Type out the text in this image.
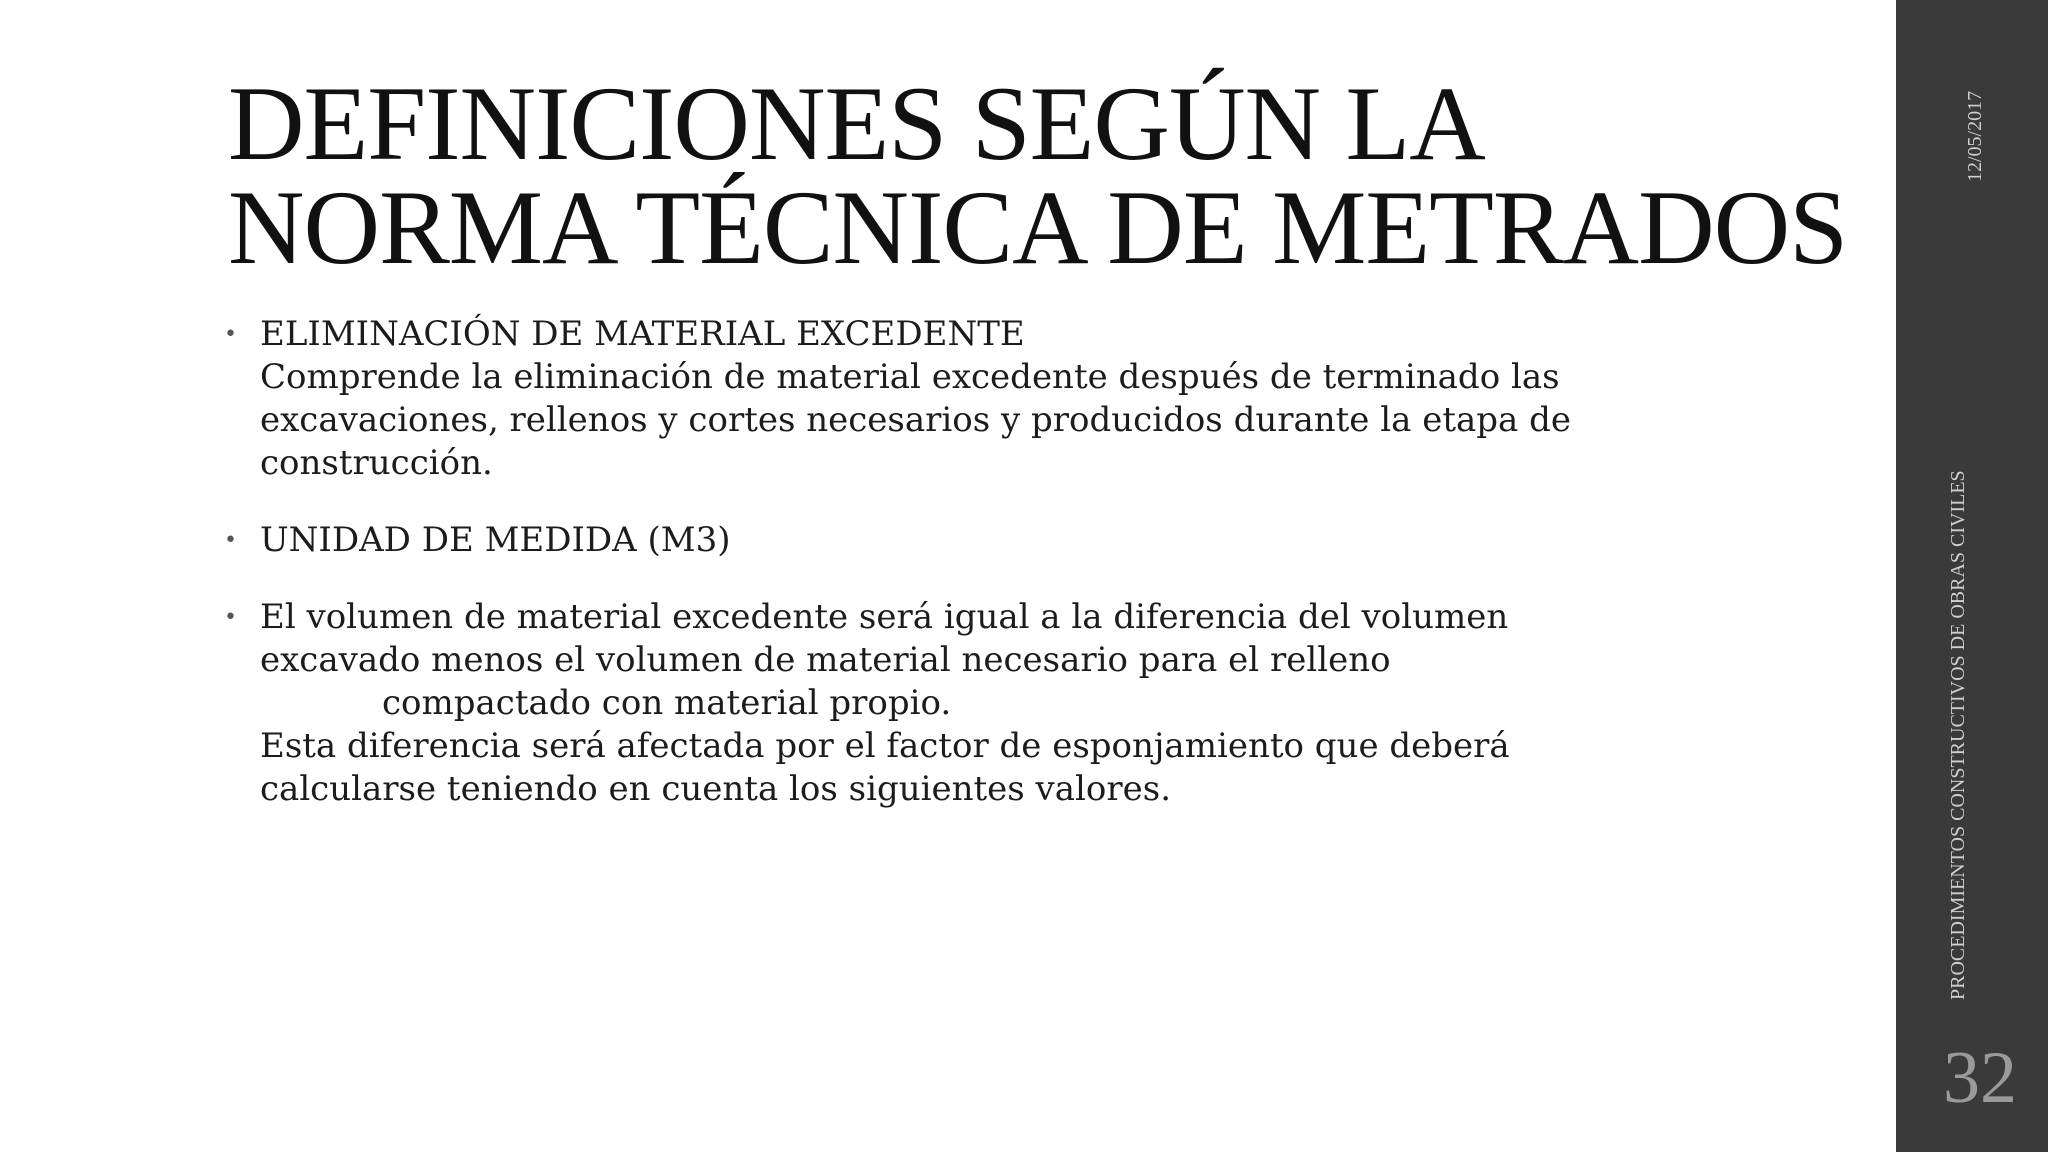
DEFINICIONES SEGÚN LA
NORMA TÉCNICA DE METRADOS
• ELIMINACIÓN DE MATERIAL EXCEDENTE
Comprende la eliminación de material excedente después de terminado las
excavaciones, rellenos y cortes necesarios y producidos durante la etapa de
construcción.
• UNIDAD DE MEDIDA (M3)
• El volumen de material excedente será igual a la diferencia del volumen
excavado menos el volumen de material necesario para el relleno
compactado con material propio.
Esta diferencia será afectada por el factor de esponjamiento que deberá
calcularse teniendo en cuenta los siguientes valores.
12/05/2017
PROCEDIMIENTOS CONSTRUCTIVOS DE OBRAS CIVILES
32
